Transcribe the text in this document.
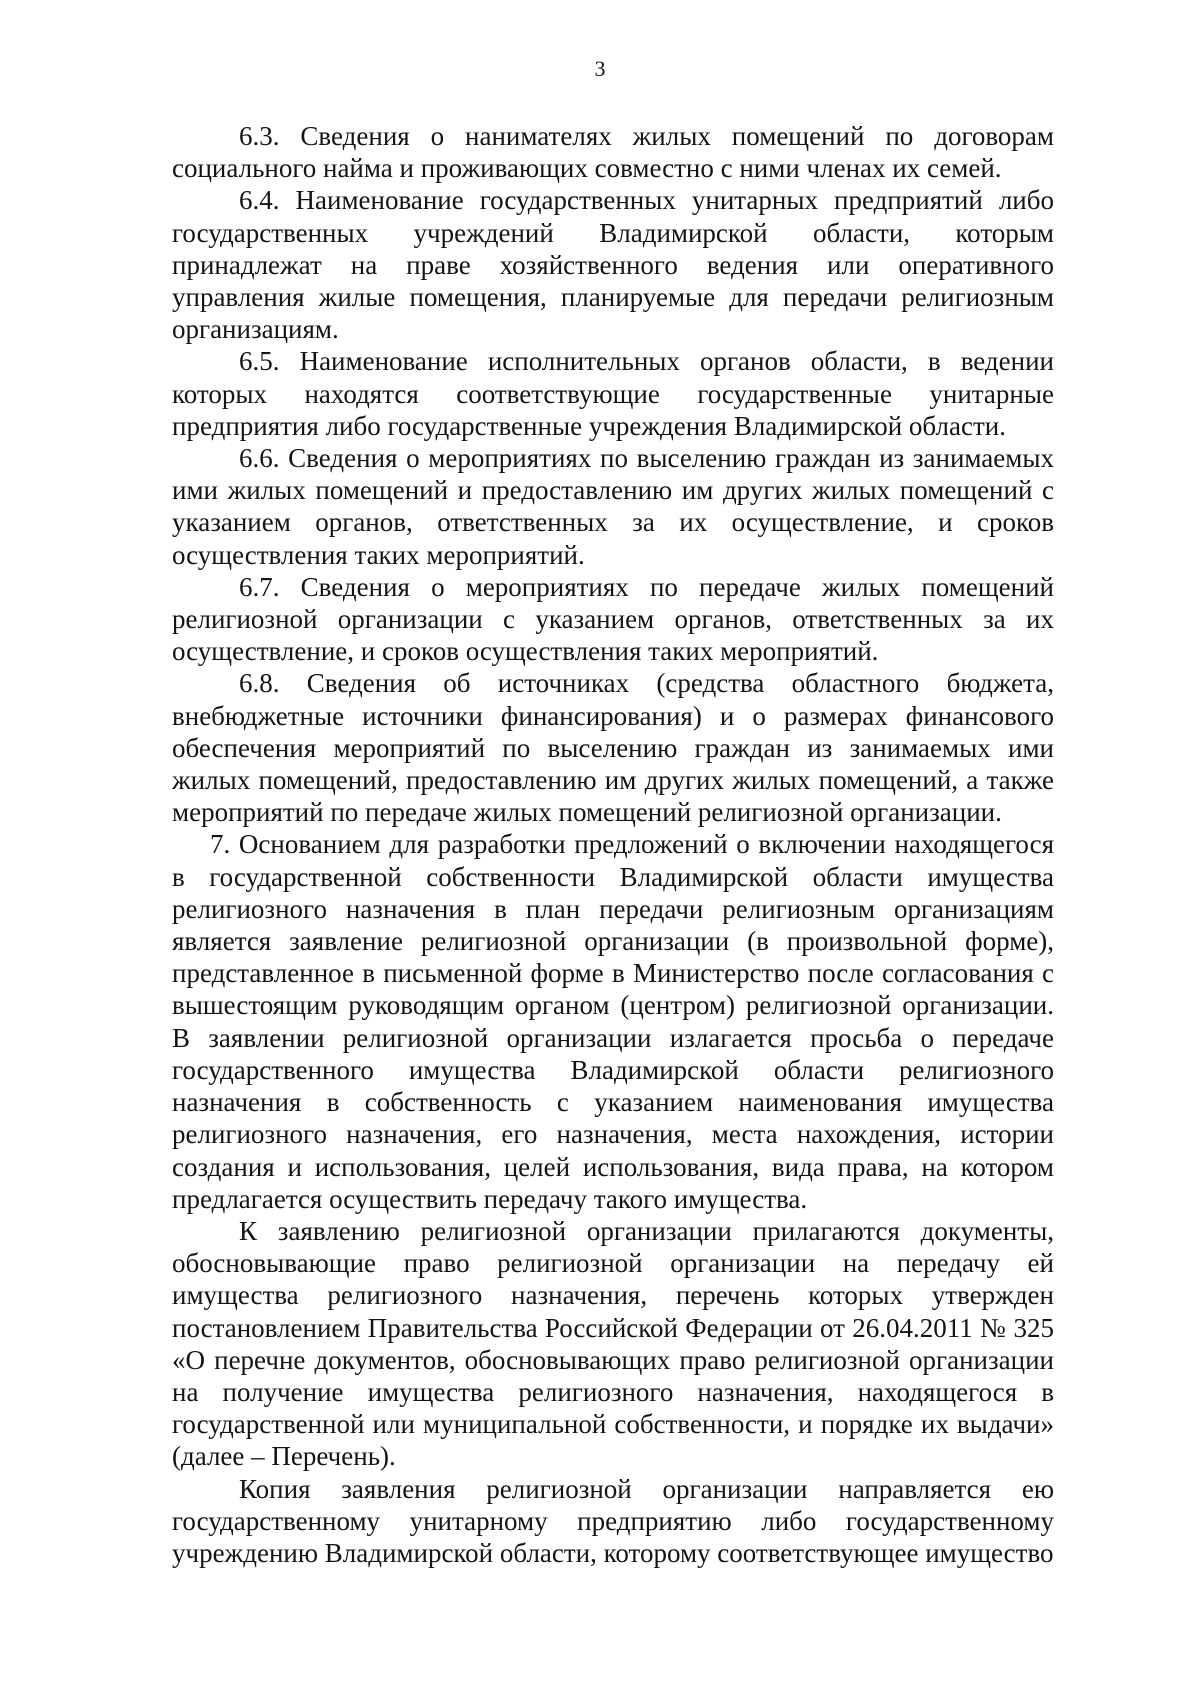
3

6.3. Сведения о нанимателях жилых помещений по договорам социального найма и проживающих совместно с ними членах их семей.

6.4. Наименование государственных унитарных предприятий либо государственных учреждений Владимирской области, которым принадлежат на праве хозяйственного ведения или оперативного управления жилые помещения, планируемые для передачи религиозным организациям.

6.5. Наименование исполнительных органов области, в ведении которых находятся соответствующие государственные унитарные предприятия либо государственные учреждения Владимирской области.

6.6. Сведения о мероприятиях по выселению граждан из занимаемых ими жилых помещений и предоставлению им других жилых помещений с указанием органов, ответственных за их осуществление, и сроков осуществления таких мероприятий.

6.7. Сведения о мероприятиях по передаче жилых помещений религиозной организации с указанием органов, ответственных за их осуществление, и сроков осуществления таких мероприятий.

6.8. Сведения об источниках (средства областного бюджета, внебюджетные источники финансирования) и о размерах финансового обеспечения мероприятий по выселению граждан из занимаемых ими жилых помещений, предоставлению им других жилых помещений, а также мероприятий по передаче жилых помещений религиозной организации.

7. Основанием для разработки предложений о включении находящегося в государственной собственности Владимирской области имущества религиозного назначения в план передачи религиозным организациям является заявление религиозной организации (в произвольной форме), представленное в письменной форме в Министерство после согласования с вышестоящим руководящим органом (центром) религиозной организации. В заявлении религиозной организации излагается просьба о передаче государственного имущества Владимирской области религиозного назначения в собственность с указанием наименования имущества религиозного назначения, его назначения, места нахождения, истории создания и использования, целей использования, вида права, на котором предлагается осуществить передачу такого имущества.

К заявлению религиозной организации прилагаются документы, обосновывающие право религиозной организации на передачу ей имущества религиозного назначения, перечень которых утвержден постановлением Правительства Российской Федерации от 26.04.2011 № 325 «О перечне документов, обосновывающих право религиозной организации на получение имущества религиозного назначения, находящегося в государственной или муниципальной собственности, и порядке их выдачи» (далее – Перечень).

Копия заявления религиозной организации направляется ею государственному унитарному предприятию либо государственному учреждению Владимирской области, которому соответствующее имущество
